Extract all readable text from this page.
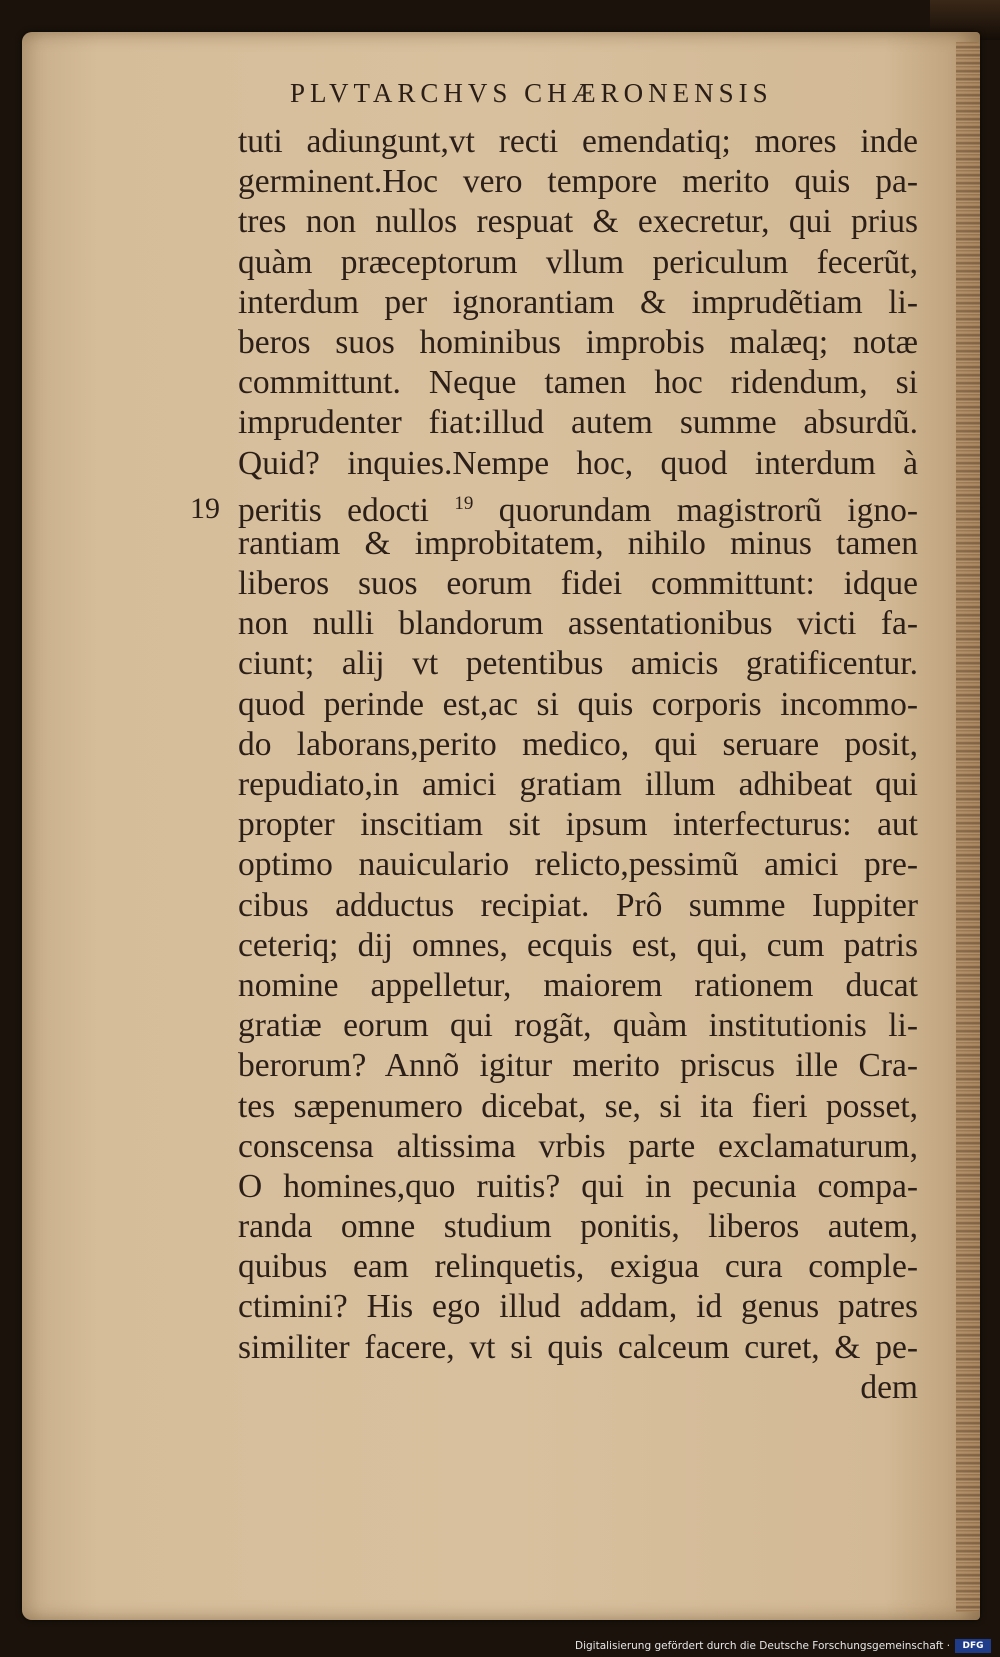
PLVTARCHVS CHÆRONENSIS
19
tuti adiungunt,vt recti emendatiq; mores inde
germinent.Hoc vero tempore merito quis pa-
tres non nullos respuat & execretur, qui prius
quàm præceptorum vllum periculum fecerũt,
interdum per ignorantiam & imprudẽtiam li-
beros suos hominibus improbis malæq; notæ
committunt. Neque tamen hoc ridendum, si
imprudenter fiat:illud autem summe absurdũ.
Quid? inquies.Nempe hoc, quod interdum à
peritis edocti $^{19}$ quorundam magistrorũ igno-
rantiam & improbitatem, nihilo minus tamen
liberos suos eorum fidei committunt: idque
non nulli blandorum assentationibus victi fa-
ciunt; alij vt petentibus amicis gratificentur.
quod perinde est,ac si quis corporis incommo-
do laborans,perito medico, qui seruare posit,
repudiato,in amici gratiam illum adhibeat qui
propter inscitiam sit ipsum interfecturus: aut
optimo nauiculario relicto,pessimũ amici pre-
cibus adductus recipiat. Prô summe Iuppiter
ceteriq; dij omnes, ecquis est, qui, cum patris
nomine appelletur, maiorem rationem ducat
gratiæ eorum qui rogãt, quàm institutionis li-
berorum? Annõ igitur merito priscus ille Cra-
tes sæpenumero dicebat, se, si ita fieri posset,
conscensa altissima vrbis parte exclamaturum,
O homines,quo ruitis? qui in pecunia compa-
randa omne studium ponitis, liberos autem,
quibus eam relinquetis, exigua cura comple-
ctimini? His ego illud addam, id genus patres
similiter facere, vt si quis calceum curet, & pe-
dem
Digitalisierung gefördert durch die Deutsche Forschungsgemeinschaft ·	DFG
